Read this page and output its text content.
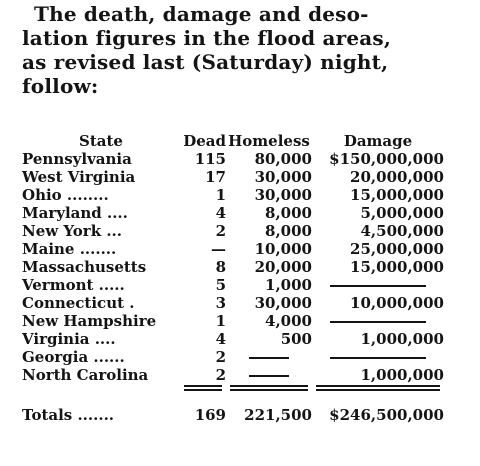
The death, damage and deso-
lation figures in the flood areas,
as revised last (Saturday) night,
follow:
State	Dead	Homeless	Damage
Pennsylvania	115	80,000	$150,000,000
West Virginia	17	30,000	20,000,000
Ohio ........	1	30,000	15,000,000
Maryland ....	4	8,000	5,000,000
New York ...	2	8,000	4,500,000
Maine .......	—	10,000	25,000,000
Massachusetts	8	20,000	15,000,000
Vermont .....	5	1,000	
Connecticut .	3	30,000	10,000,000
New Hampshire	1	4,000	
Virginia ....	4	500	1,000,000
Georgia ......	2		
North Carolina	2		1,000,000

Totals .......	169	221,500	$246,500,000
